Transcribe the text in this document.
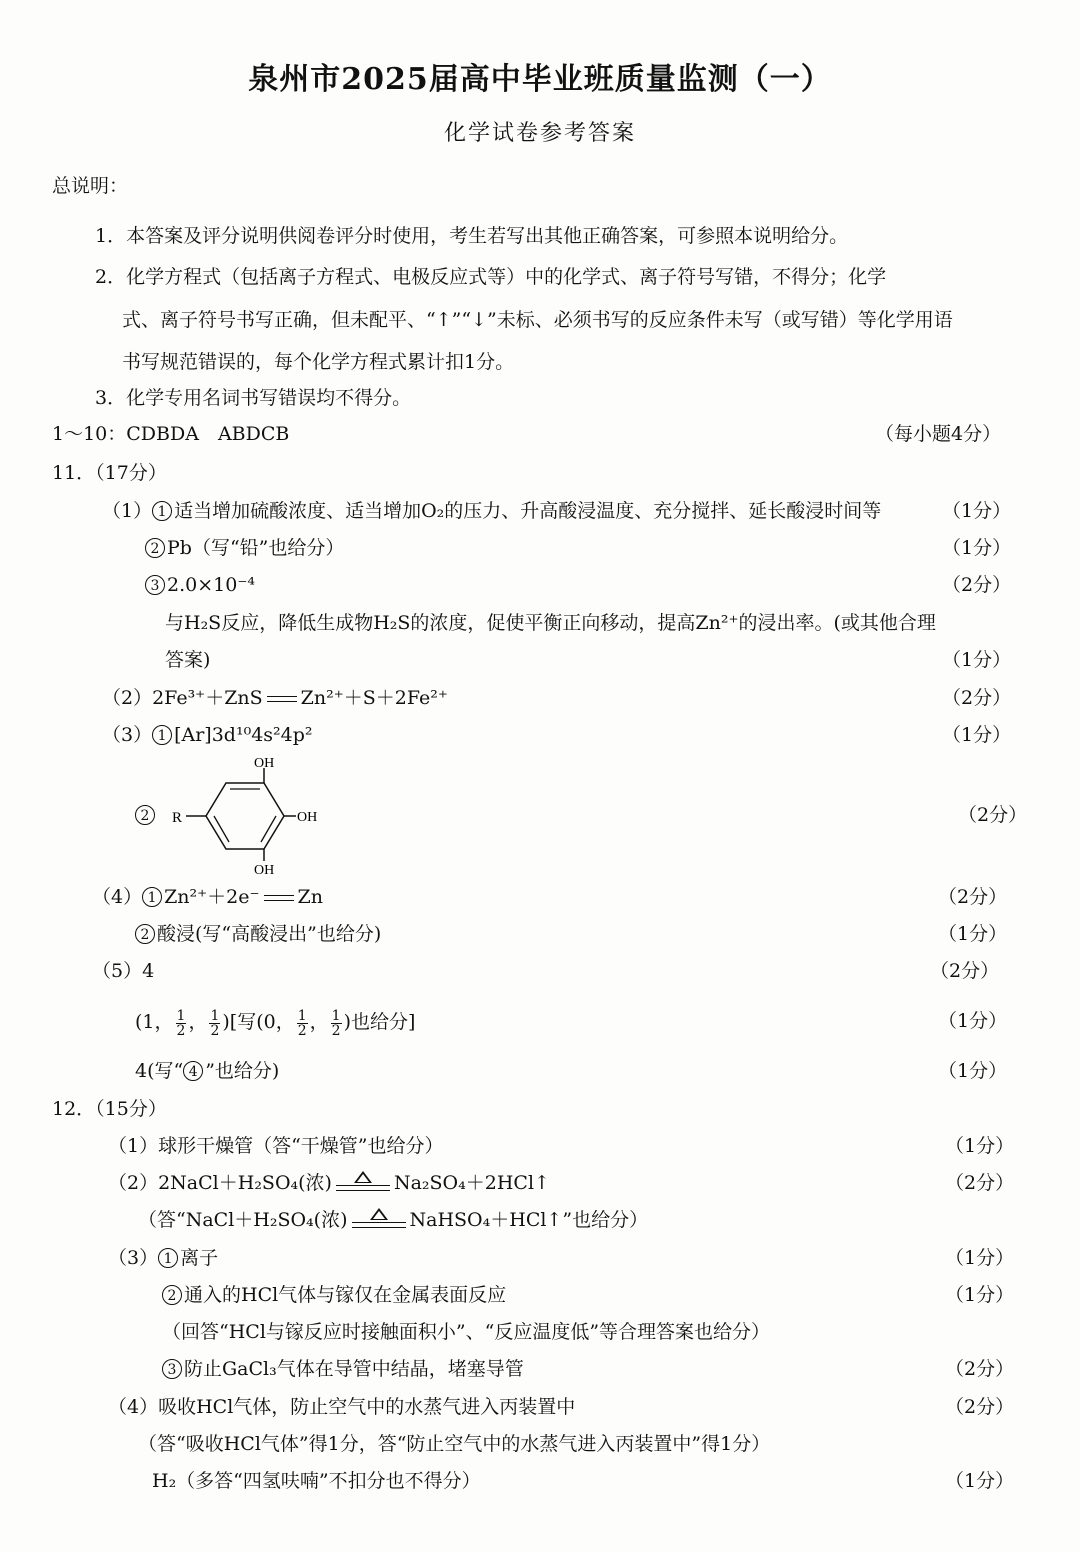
泉州市2025届高中毕业班质量监测（一）
化学试卷参考答案
总说明：
1．本答案及评分说明供阅卷评分时使用，考生若写出其他正确答案，可参照本说明给分。
2．化学方程式（包括离子方程式、电极反应式等）中的化学式、离子符号写错，不得分；化学
式、离子符号书写正确，但未配平、“↑”“↓”未标、必须书写的反应条件未写（或写错）等化学用语
书写规范错误的，每个化学方程式累计扣1分。
3．化学专用名词书写错误均不得分。
1～10：CDBDA　ABDCB	（每小题4分）
11．（17分）
（1） 1 适当增加硫酸浓度、适当增加O₂的压力、升高酸浸温度、充分搅拌、延长酸浸时间等	（1分）
2 Pb（写“铅”也给分）	（1分）
3 2.0×10⁻⁴	（2分）
与H₂S反应，降低生成物H₂S的浓度，促使平衡正向移动，提高Zn²⁺的浸出率。(或其他合理
答案)	（1分）
（2）2Fe³⁺＋ZnS Zn²⁺＋S＋2Fe²⁺	（2分）
（3） 1 [Ar]3d¹⁰4s²4p²	（1分）
2	R
OH
OH
OH
（2分）
（4） 1 Zn²⁺＋2e⁻ Zn	（2分）
2 酸浸(写“高酸浸出”也给分)	（1分）
（5）4	（2分）
(1， $\frac{1}{2}$ ， $\frac{1}{2}$ )[写(0， $\frac{1}{2}$ ， $\frac{1}{2}$ )也给分]	（1分）
4(写“ 4 ”也给分)	（1分）
12．（15分）
（1）球形干燥管（答“干燥管”也给分）	（1分）
（2）2NaCl＋H₂SO₄(浓)	Na₂SO₄＋2HCl↑	（2分）
（答“NaCl＋H₂SO₄(浓)	NaHSO₄＋HCl↑”也给分）
（3） 1 离子	（1分）
2 通入的HCl气体与镓仅在金属表面反应	（1分）
（回答“HCl与镓反应时接触面积小”、“反应温度低”等合理答案也给分）
3 防止GaCl₃气体在导管中结晶，堵塞导管	（2分）
（4）吸收HCl气体，防止空气中的水蒸气进入丙装置中	（2分）
（答“吸收HCl气体”得1分，答“防止空气中的水蒸气进入丙装置中”得1分）
H₂（多答“四氢呋喃”不扣分也不得分）	（1分）
